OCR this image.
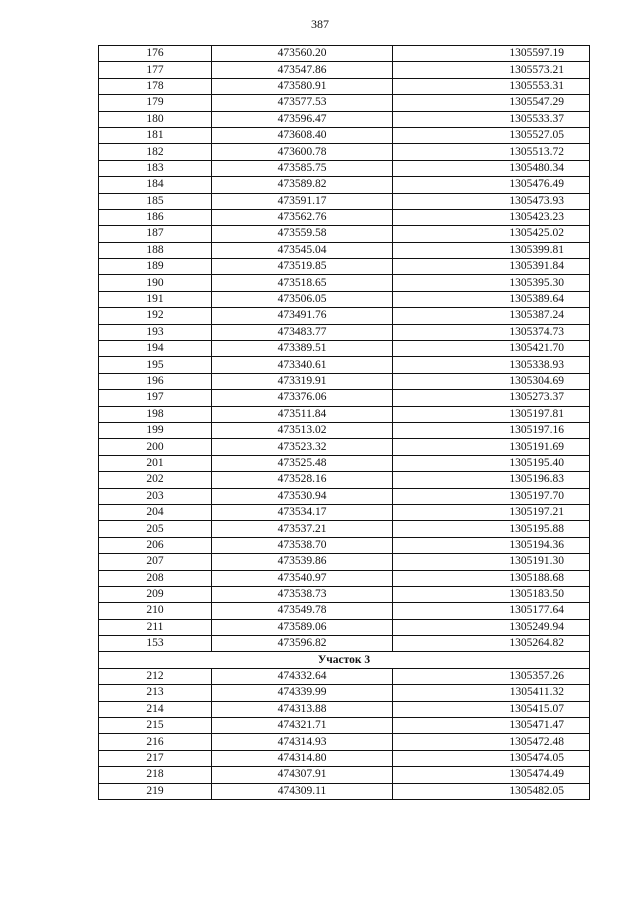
387
176	473560.20	1305597.19
177	473547.86	1305573.21
178	473580.91	1305553.31
179	473577.53	1305547.29
180	473596.47	1305533.37
181	473608.40	1305527.05
182	473600.78	1305513.72
183	473585.75	1305480.34
184	473589.82	1305476.49
185	473591.17	1305473.93
186	473562.76	1305423.23
187	473559.58	1305425.02
188	473545.04	1305399.81
189	473519.85	1305391.84
190	473518.65	1305395.30
191	473506.05	1305389.64
192	473491.76	1305387.24
193	473483.77	1305374.73
194	473389.51	1305421.70
195	473340.61	1305338.93
196	473319.91	1305304.69
197	473376.06	1305273.37
198	473511.84	1305197.81
199	473513.02	1305197.16
200	473523.32	1305191.69
201	473525.48	1305195.40
202	473528.16	1305196.83
203	473530.94	1305197.70
204	473534.17	1305197.21
205	473537.21	1305195.88
206	473538.70	1305194.36
207	473539.86	1305191.30
208	473540.97	1305188.68
209	473538.73	1305183.50
210	473549.78	1305177.64
211	473589.06	1305249.94
153	473596.82	1305264.82
Участок 3		
212	474332.64	1305357.26
213	474339.99	1305411.32
214	474313.88	1305415.07
215	474321.71	1305471.47
216	474314.93	1305472.48
217	474314.80	1305474.05
218	474307.91	1305474.49
219	474309.11	1305482.05
